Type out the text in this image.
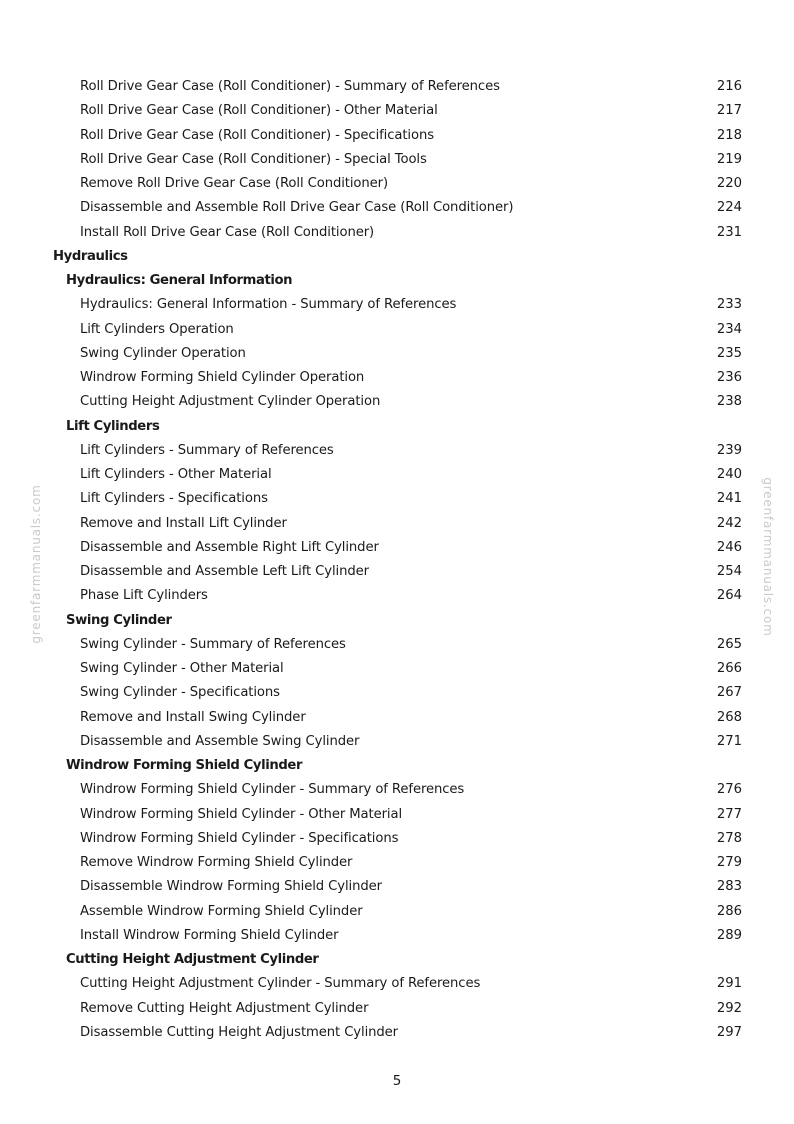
greenfarmmanuals.com	greenfarmmanuals.com
Roll Drive Gear Case (Roll Conditioner) - Summary of References	216
Roll Drive Gear Case (Roll Conditioner) - Other Material	217
Roll Drive Gear Case (Roll Conditioner) - Specifications	218
Roll Drive Gear Case (Roll Conditioner) - Special Tools	219
Remove Roll Drive Gear Case (Roll Conditioner)	220
Disassemble and Assemble Roll Drive Gear Case (Roll Conditioner)	224
Install Roll Drive Gear Case (Roll Conditioner)	231
Hydraulics
Hydraulics: General Information
Hydraulics: General Information - Summary of References	233
Lift Cylinders Operation	234
Swing Cylinder Operation	235
Windrow Forming Shield Cylinder Operation	236
Cutting Height Adjustment Cylinder Operation	238
Lift Cylinders
Lift Cylinders - Summary of References	239
Lift Cylinders - Other Material	240
Lift Cylinders - Specifications	241
Remove and Install Lift Cylinder	242
Disassemble and Assemble Right Lift Cylinder	246
Disassemble and Assemble Left Lift Cylinder	254
Phase Lift Cylinders	264
Swing Cylinder
Swing Cylinder - Summary of References	265
Swing Cylinder - Other Material	266
Swing Cylinder - Specifications	267
Remove and Install Swing Cylinder	268
Disassemble and Assemble Swing Cylinder	271
Windrow Forming Shield Cylinder
Windrow Forming Shield Cylinder - Summary of References	276
Windrow Forming Shield Cylinder - Other Material	277
Windrow Forming Shield Cylinder - Specifications	278
Remove Windrow Forming Shield Cylinder	279
Disassemble Windrow Forming Shield Cylinder	283
Assemble Windrow Forming Shield Cylinder	286
Install Windrow Forming Shield Cylinder	289
Cutting Height Adjustment Cylinder
Cutting Height Adjustment Cylinder - Summary of References	291
Remove Cutting Height Adjustment Cylinder	292
Disassemble Cutting Height Adjustment Cylinder	297
5
